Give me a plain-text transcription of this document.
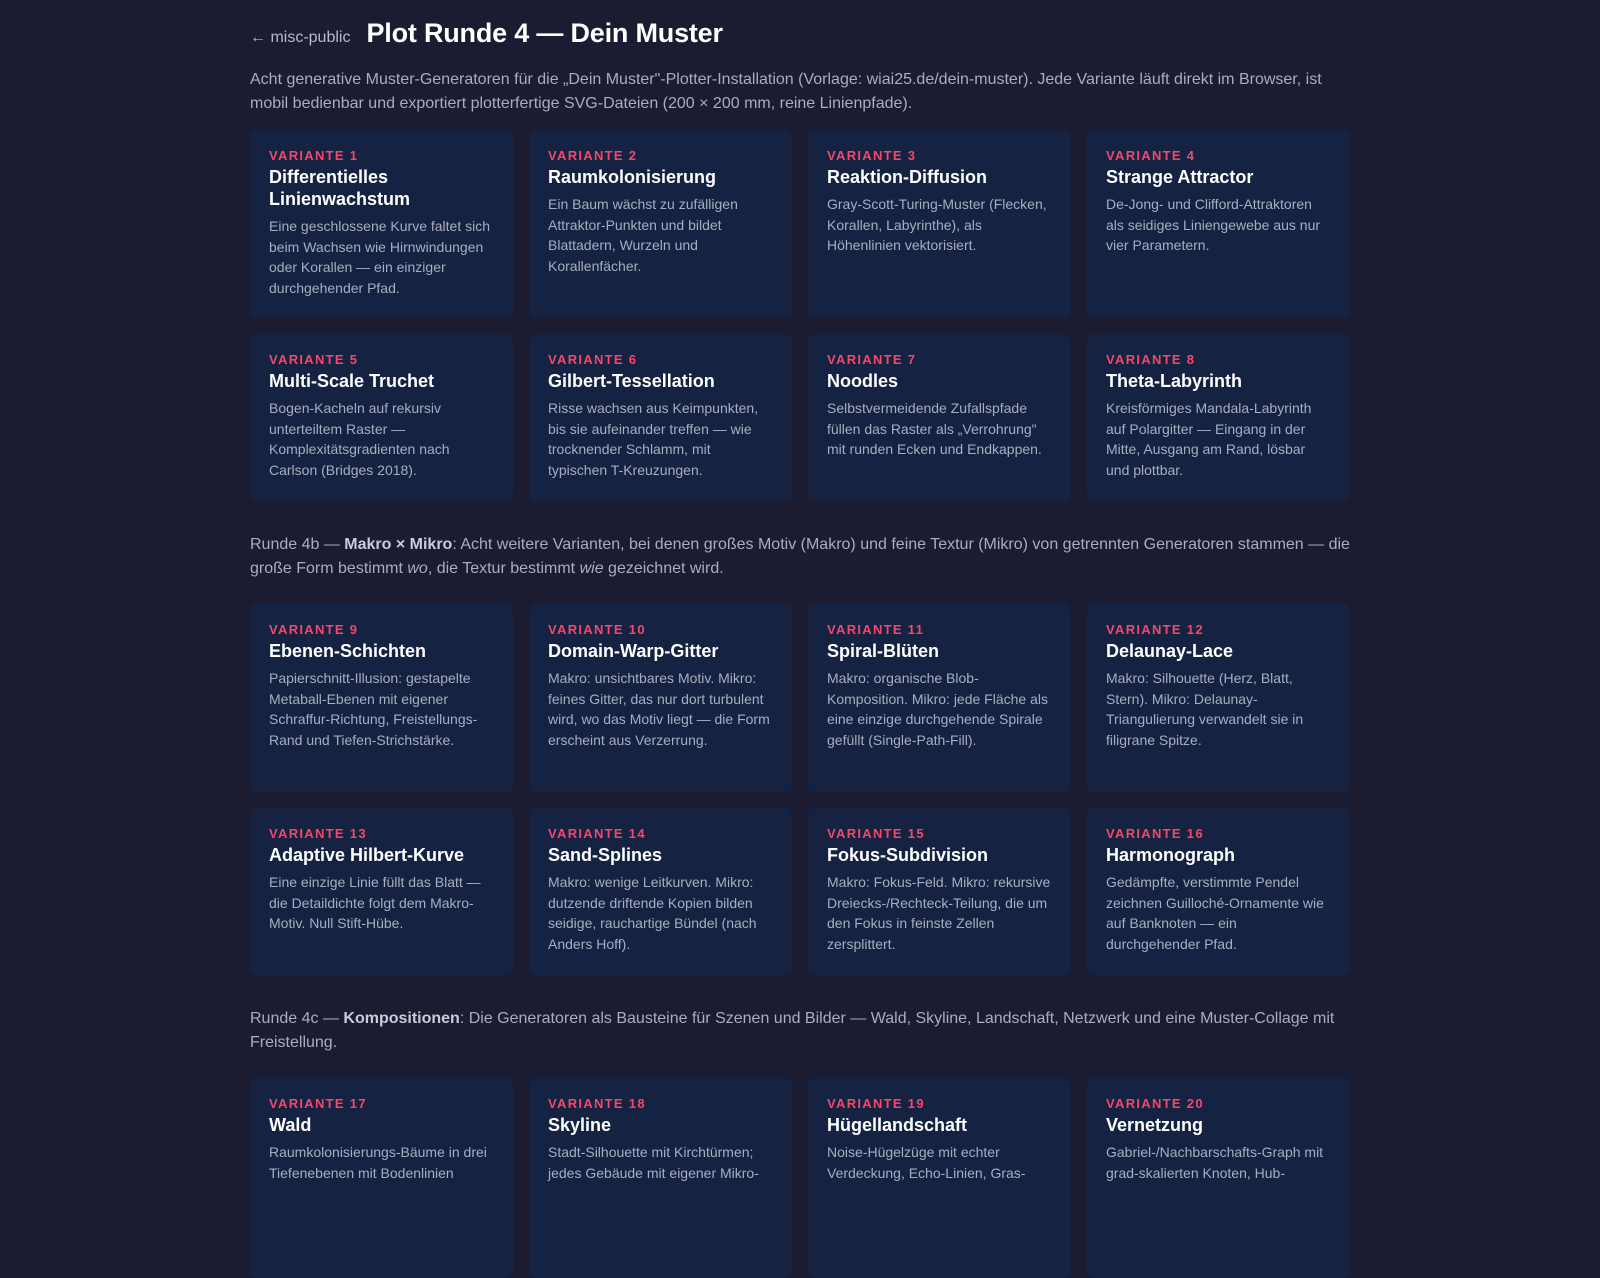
← misc-public Plot Runde 4 — Dein Muster

Acht generative Muster-Generatoren für die „Dein Muster"-Plotter-Installation (Vorlage: wiai25.de/dein-muster). Jede Variante läuft direkt im Browser, ist mobil bedienbar und exportiert plotterfertige SVG-Dateien (200 × 200 mm, reine Linienpfade).

VARIANTE 1
Differentielles Linienwachstum
Eine geschlossene Kurve faltet sich beim Wachsen wie Hirnwindungen oder Korallen — ein einziger durchgehender Pfad.
VARIANTE 2
Raumkolonisierung
Ein Baum wächst zu zufälligen Attraktor-Punkten und bildet Blattadern, Wurzeln und Korallenfächer.
VARIANTE 3
Reaktion-Diffusion
Gray-Scott-Turing-Muster (Flecken, Korallen, Labyrinthe), als Höhenlinien vektorisiert.
VARIANTE 4
Strange Attractor
De-Jong- und Clifford-Attraktoren als seidiges Liniengewebe aus nur vier Parametern.
VARIANTE 5
Multi-Scale Truchet
Bogen-Kacheln auf rekursiv unterteiltem Raster — Komplexitätsgradienten nach Carlson (Bridges 2018).
VARIANTE 6
Gilbert-Tessellation
Risse wachsen aus Keimpunkten, bis sie aufeinander treffen — wie trocknender Schlamm, mit typischen T-Kreuzungen.
VARIANTE 7
Noodles
Selbstvermeidende Zufallspfade füllen das Raster als „Verrohrung" mit runden Ecken und Endkappen.
VARIANTE 8
Theta-Labyrinth
Kreisförmiges Mandala-Labyrinth auf Polargitter — Eingang in der Mitte, Ausgang am Rand, lösbar und plottbar.

Runde 4b — Makro × Mikro: Acht weitere Varianten, bei denen großes Motiv (Makro) und feine Textur (Mikro) von getrennten Generatoren stammen — die große Form bestimmt wo, die Textur bestimmt wie gezeichnet wird.

VARIANTE 9
Ebenen-Schichten
Papierschnitt-Illusion: gestapelte Metaball-Ebenen mit eigener Schraffur-Richtung, Freistellungs-Rand und Tiefen-Strichstärke.
VARIANTE 10
Domain-Warp-Gitter
Makro: unsichtbares Motiv. Mikro: feines Gitter, das nur dort turbulent wird, wo das Motiv liegt — die Form erscheint aus Verzerrung.
VARIANTE 11
Spiral-Blüten
Makro: organische Blob-Komposition. Mikro: jede Fläche als eine einzige durchgehende Spirale gefüllt (Single-Path-Fill).
VARIANTE 12
Delaunay-Lace
Makro: Silhouette (Herz, Blatt, Stern). Mikro: Delaunay-Triangulierung verwandelt sie in filigrane Spitze.
VARIANTE 13
Adaptive Hilbert-Kurve
Eine einzige Linie füllt das Blatt — die Detaildichte folgt dem Makro-Motiv. Null Stift-Hübe.
VARIANTE 14
Sand-Splines
Makro: wenige Leitkurven. Mikro: dutzende driftende Kopien bilden seidige, rauchartige Bündel (nach Anders Hoff).
VARIANTE 15
Fokus-Subdivision
Makro: Fokus-Feld. Mikro: rekursive Dreiecks-/Rechteck-Teilung, die um den Fokus in feinste Zellen zersplittert.
VARIANTE 16
Harmonograph
Gedämpfte, verstimmte Pendel zeichnen Guilloché-Ornamente wie auf Banknoten — ein durchgehender Pfad.

Runde 4c — Kompositionen: Die Generatoren als Bausteine für Szenen und Bilder — Wald, Skyline, Landschaft, Netzwerk und eine Muster-Collage mit Freistellung.

VARIANTE 17
Wald
Raumkolonisierungs-Bäume in drei Tiefenebenen mit Bodenlinien
VARIANTE 18
Skyline
Stadt-Silhouette mit Kirchtürmen; jedes Gebäude mit eigener Mikro-
VARIANTE 19
Hügellandschaft
Noise-Hügelzüge mit echter Verdeckung, Echo-Linien, Gras-
VARIANTE 20
Vernetzung
Gabriel-/Nachbarschafts-Graph mit grad-skalierten Knoten, Hub-
